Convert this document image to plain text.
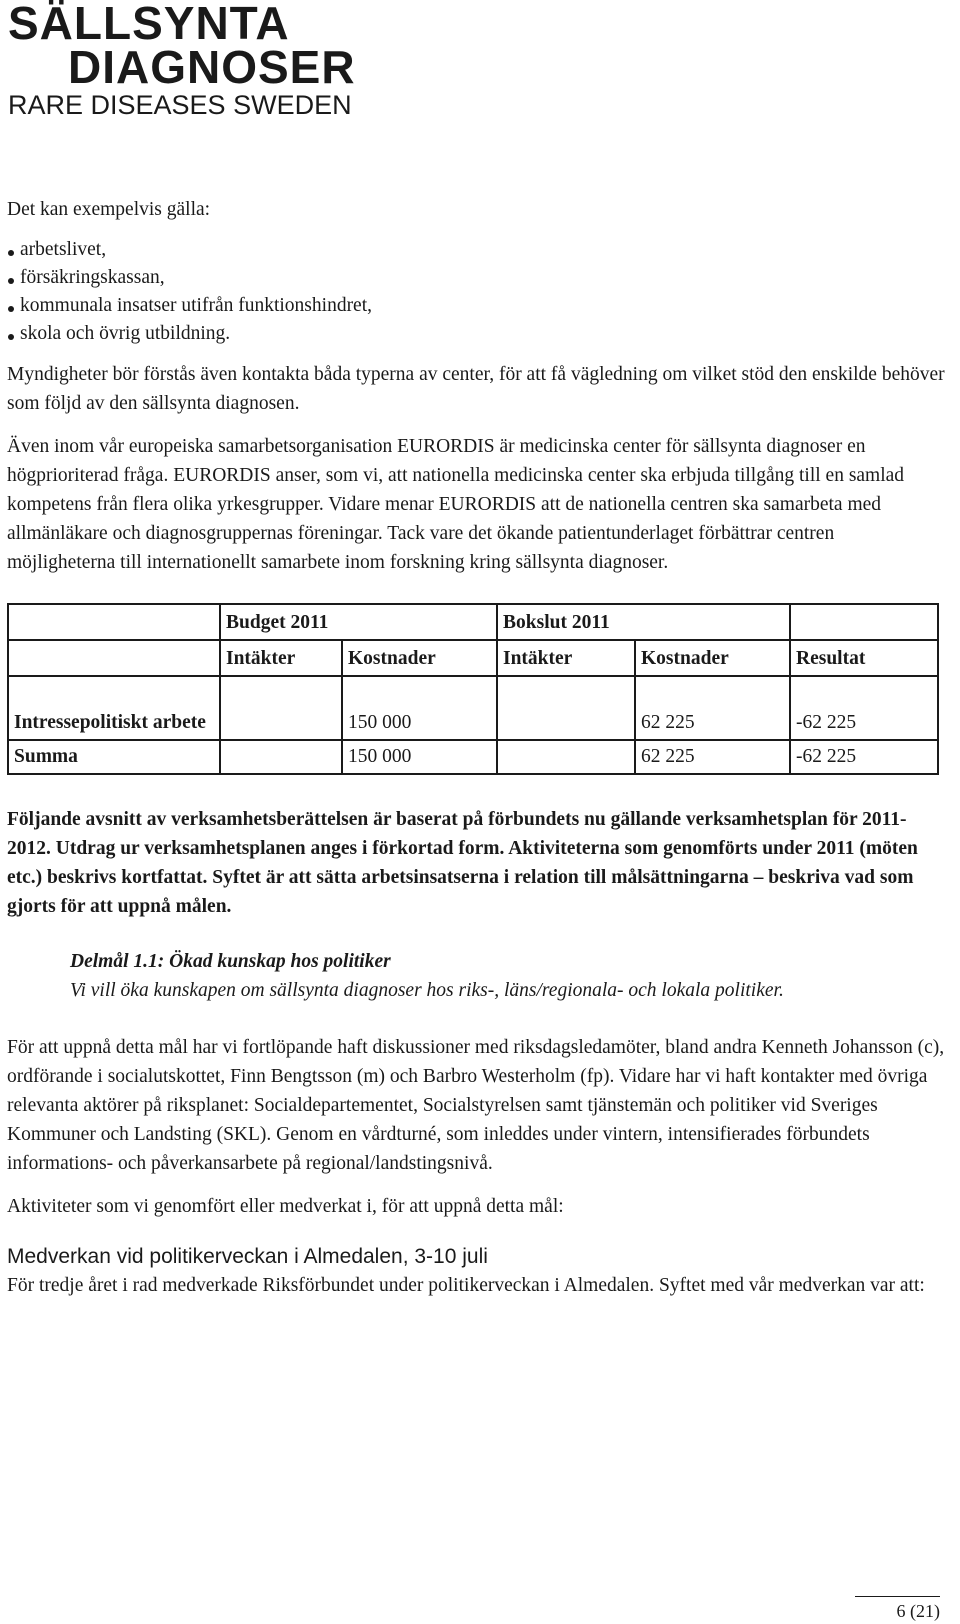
SÄLLSYNTA
DIAGNOSER
RARE DISEASES SWEDEN

Det kan exempelvis gälla:

arbetslivet,
försäkringskassan,
kommunala insatser utifrån funktionshindret,
skola och övrig utbildning.

Myndigheter bör förstås även kontakta båda typerna av center, för att få vägledning om vilket stöd den enskilde behöver som följd av den sällsynta diagnosen.

Även inom vår europeiska samarbetsorganisation EURORDIS är medicinska center för sällsynta diagnoser en högprioriterad fråga. EURORDIS anser, som vi, att nationella medicinska center ska erbjuda tillgång till en samlad kompetens från flera olika yrkesgrupper. Vidare menar EURORDIS att de nationella centren ska samarbeta med allmänläkare och diagnosgruppernas föreningar. Tack vare det ökande patientunderlaget förbättrar centren möjligheterna till internationellt samarbete inom forskning kring sällsynta diagnoser.

	Budget 2011		Bokslut 2011		
	Intäkter	Kostnader	Intäkter	Kostnader	Resultat
Intressepolitiskt arbete		150 000		62 225	-62 225
Summa		150 000		62 225	-62 225

Följande avsnitt av verksamhetsberättelsen är baserat på förbundets nu gällande verksamhetsplan för 2011-2012. Utdrag ur verksamhetsplanen anges i förkortad form. Aktiviteterna som genomförts under 2011 (möten etc.) beskrivs kortfattat. Syftet är att sätta arbetsinsatserna i relation till målsättningarna – beskriva vad som gjorts för att uppnå målen.

Delmål 1.1: Ökad kunskap hos politiker
Vi vill öka kunskapen om sällsynta diagnoser hos riks-, läns/regionala- och lokala politiker.

För att uppnå detta mål har vi fortlöpande haft diskussioner med riksdagsledamöter, bland andra Kenneth Johansson (c), ordförande i socialutskottet, Finn Bengtsson (m) och Barbro Westerholm (fp). Vidare har vi haft kontakter med övriga relevanta aktörer på riksplanet: Socialdepartementet, Socialstyrelsen samt tjänstemän och politiker vid Sveriges Kommuner och Landsting (SKL). Genom en vårdturné, som inleddes under vintern, intensifierades förbundets informations- och påverkansarbete på regional/landstingsnivå.

Aktiviteter som vi genomfört eller medverkat i, för att uppnå detta mål:

Medverkan vid politikerveckan i Almedalen, 3-10 juli

För tredje året i rad medverkade Riksförbundet under politikerveckan i Almedalen. Syftet med vår medverkan var att:

6 (21)
